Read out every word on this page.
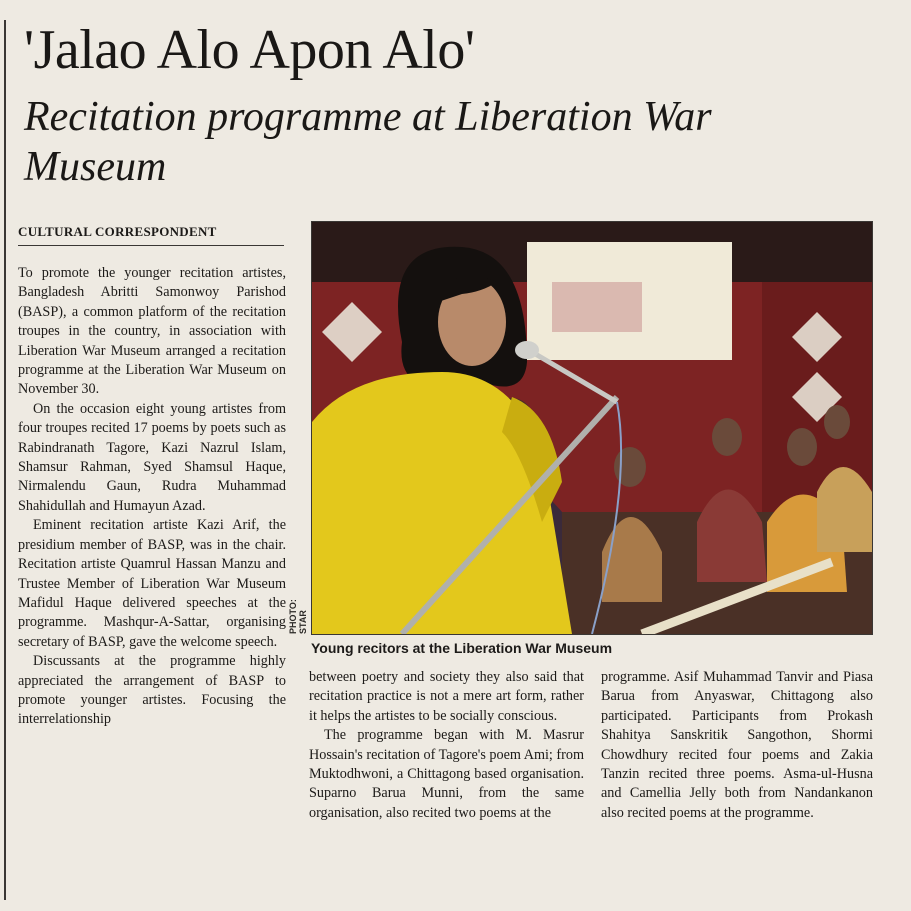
'Jalao Alo Apon Alo'
Recitation programme at Liberation War Museum
CULTURAL CORRESPONDENT

To promote the younger recitation artistes, Bangladesh Abritti Samonwoy Parishod (BASP), a common platform of the recitation troupes in the country, in association with Liberation War Museum arranged a recitation programme at the Liberation War Museum on November 30.

On the occasion eight young artistes from four troupes recited 17 poems by poets such as Rabindranath Tagore, Kazi Nazrul Islam, Shamsur Rahman, Syed Shamsul Haque, Nirmalendu Gaun, Rudra Muhammad Shahidullah and Humayun Azad.

Eminent recitation artiste Kazi Arif, the presidium member of BASP, was in the chair. Recitation artiste Quamrul Hassan Manzu and Trustee Member of Liberation War Museum Mafidul Haque delivered speeches at the programme. Mashqur-A-Sattar, organising secretary of BASP, gave the welcome speech.

Discussants at the programme highly appreciated the arrangement of BASP to promote younger artistes. Focusing the interrelationship

PHOTO: STAR
Young recitors at the Liberation War Museum

between poetry and society they also said that recitation practice is not a mere art form, rather it helps the artistes to be socially conscious.

The programme began with M. Masrur Hossain's recitation of Tagore's poem Ami; from Muktodhwoni, a Chittagong based organisation. Suparno Barua Munni, from the same organisation, also recited two poems at the

programme. Asif Muhammad Tanvir and Piasa Barua from Anyaswar, Chittagong also participated. Participants from Prokash Shahitya Sanskritik Sangothon, Shormi Chowdhury recited four poems and Zakia Tanzin recited three poems. Asma-ul-Husna and Camellia Jelly both from Nandankanon also recited poems at the programme.
